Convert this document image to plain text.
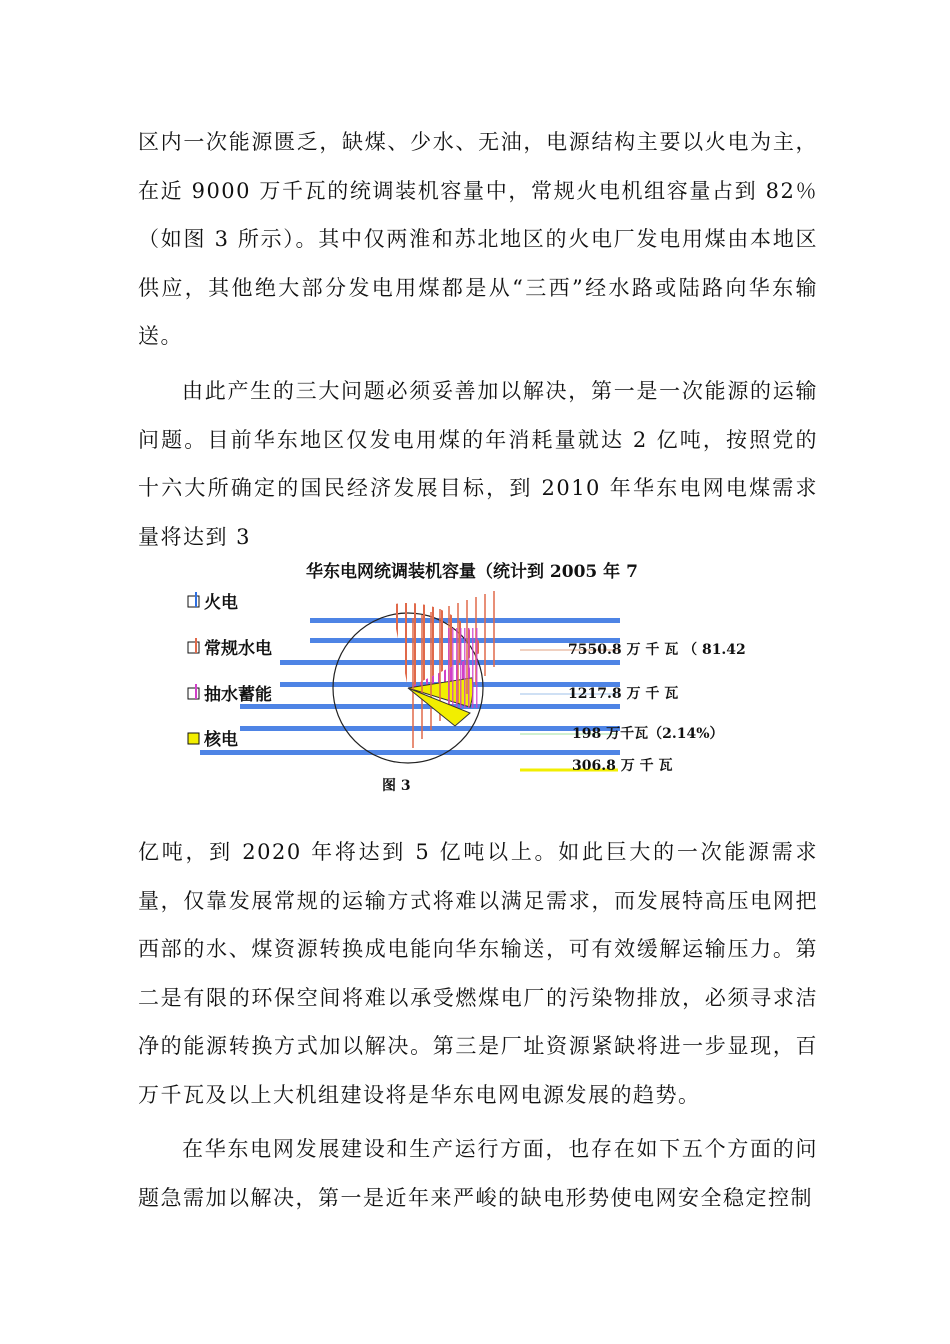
区内一次能源匮乏，缺煤、少水、无油，电源结构主要以火电为主，在近 9000 万千瓦的统调装机容量中，常规火电机组容量占到 82％（如图 3 所示）。其中仅两淮和苏北地区的火电厂发电用煤由本地区供应，其他绝大部分发电用煤都是从“三西”经水路或陆路向华东输送。

由此产生的三大问题必须妥善加以解决，第一是一次能源的运输问题。目前华东地区仅发电用煤的年消耗量就达 2 亿吨，按照党的十六大所确定的国民经济发展目标，到 2010 年华东电网电煤需求量将达到 3

华东电网统调装机容量（统计到 2005 年 7
火电
常规水电
抽水蓄能
核电
7550.8 万 千 瓦 （ 81.42
1217.8 万 千 瓦
198 万千瓦（2.14%）
306.8 万 千 瓦
图 3

亿吨，到 2020 年将达到 5 亿吨以上。如此巨大的一次能源需求量，仅靠发展常规的运输方式将难以满足需求，而发展特高压电网把西部的水、煤资源转换成电能向华东输送，可有效缓解运输压力。第二是有限的环保空间将难以承受燃煤电厂的污染物排放，必须寻求洁净的能源转换方式加以解决。第三是厂址资源紧缺将进一步显现，百万千瓦及以上大机组建设将是华东电网电源发展的趋势。

在华东电网发展建设和生产运行方面，也存在如下五个方面的问题急需加以解决，第一是近年来严峻的缺电形势使电网安全稳定控制
